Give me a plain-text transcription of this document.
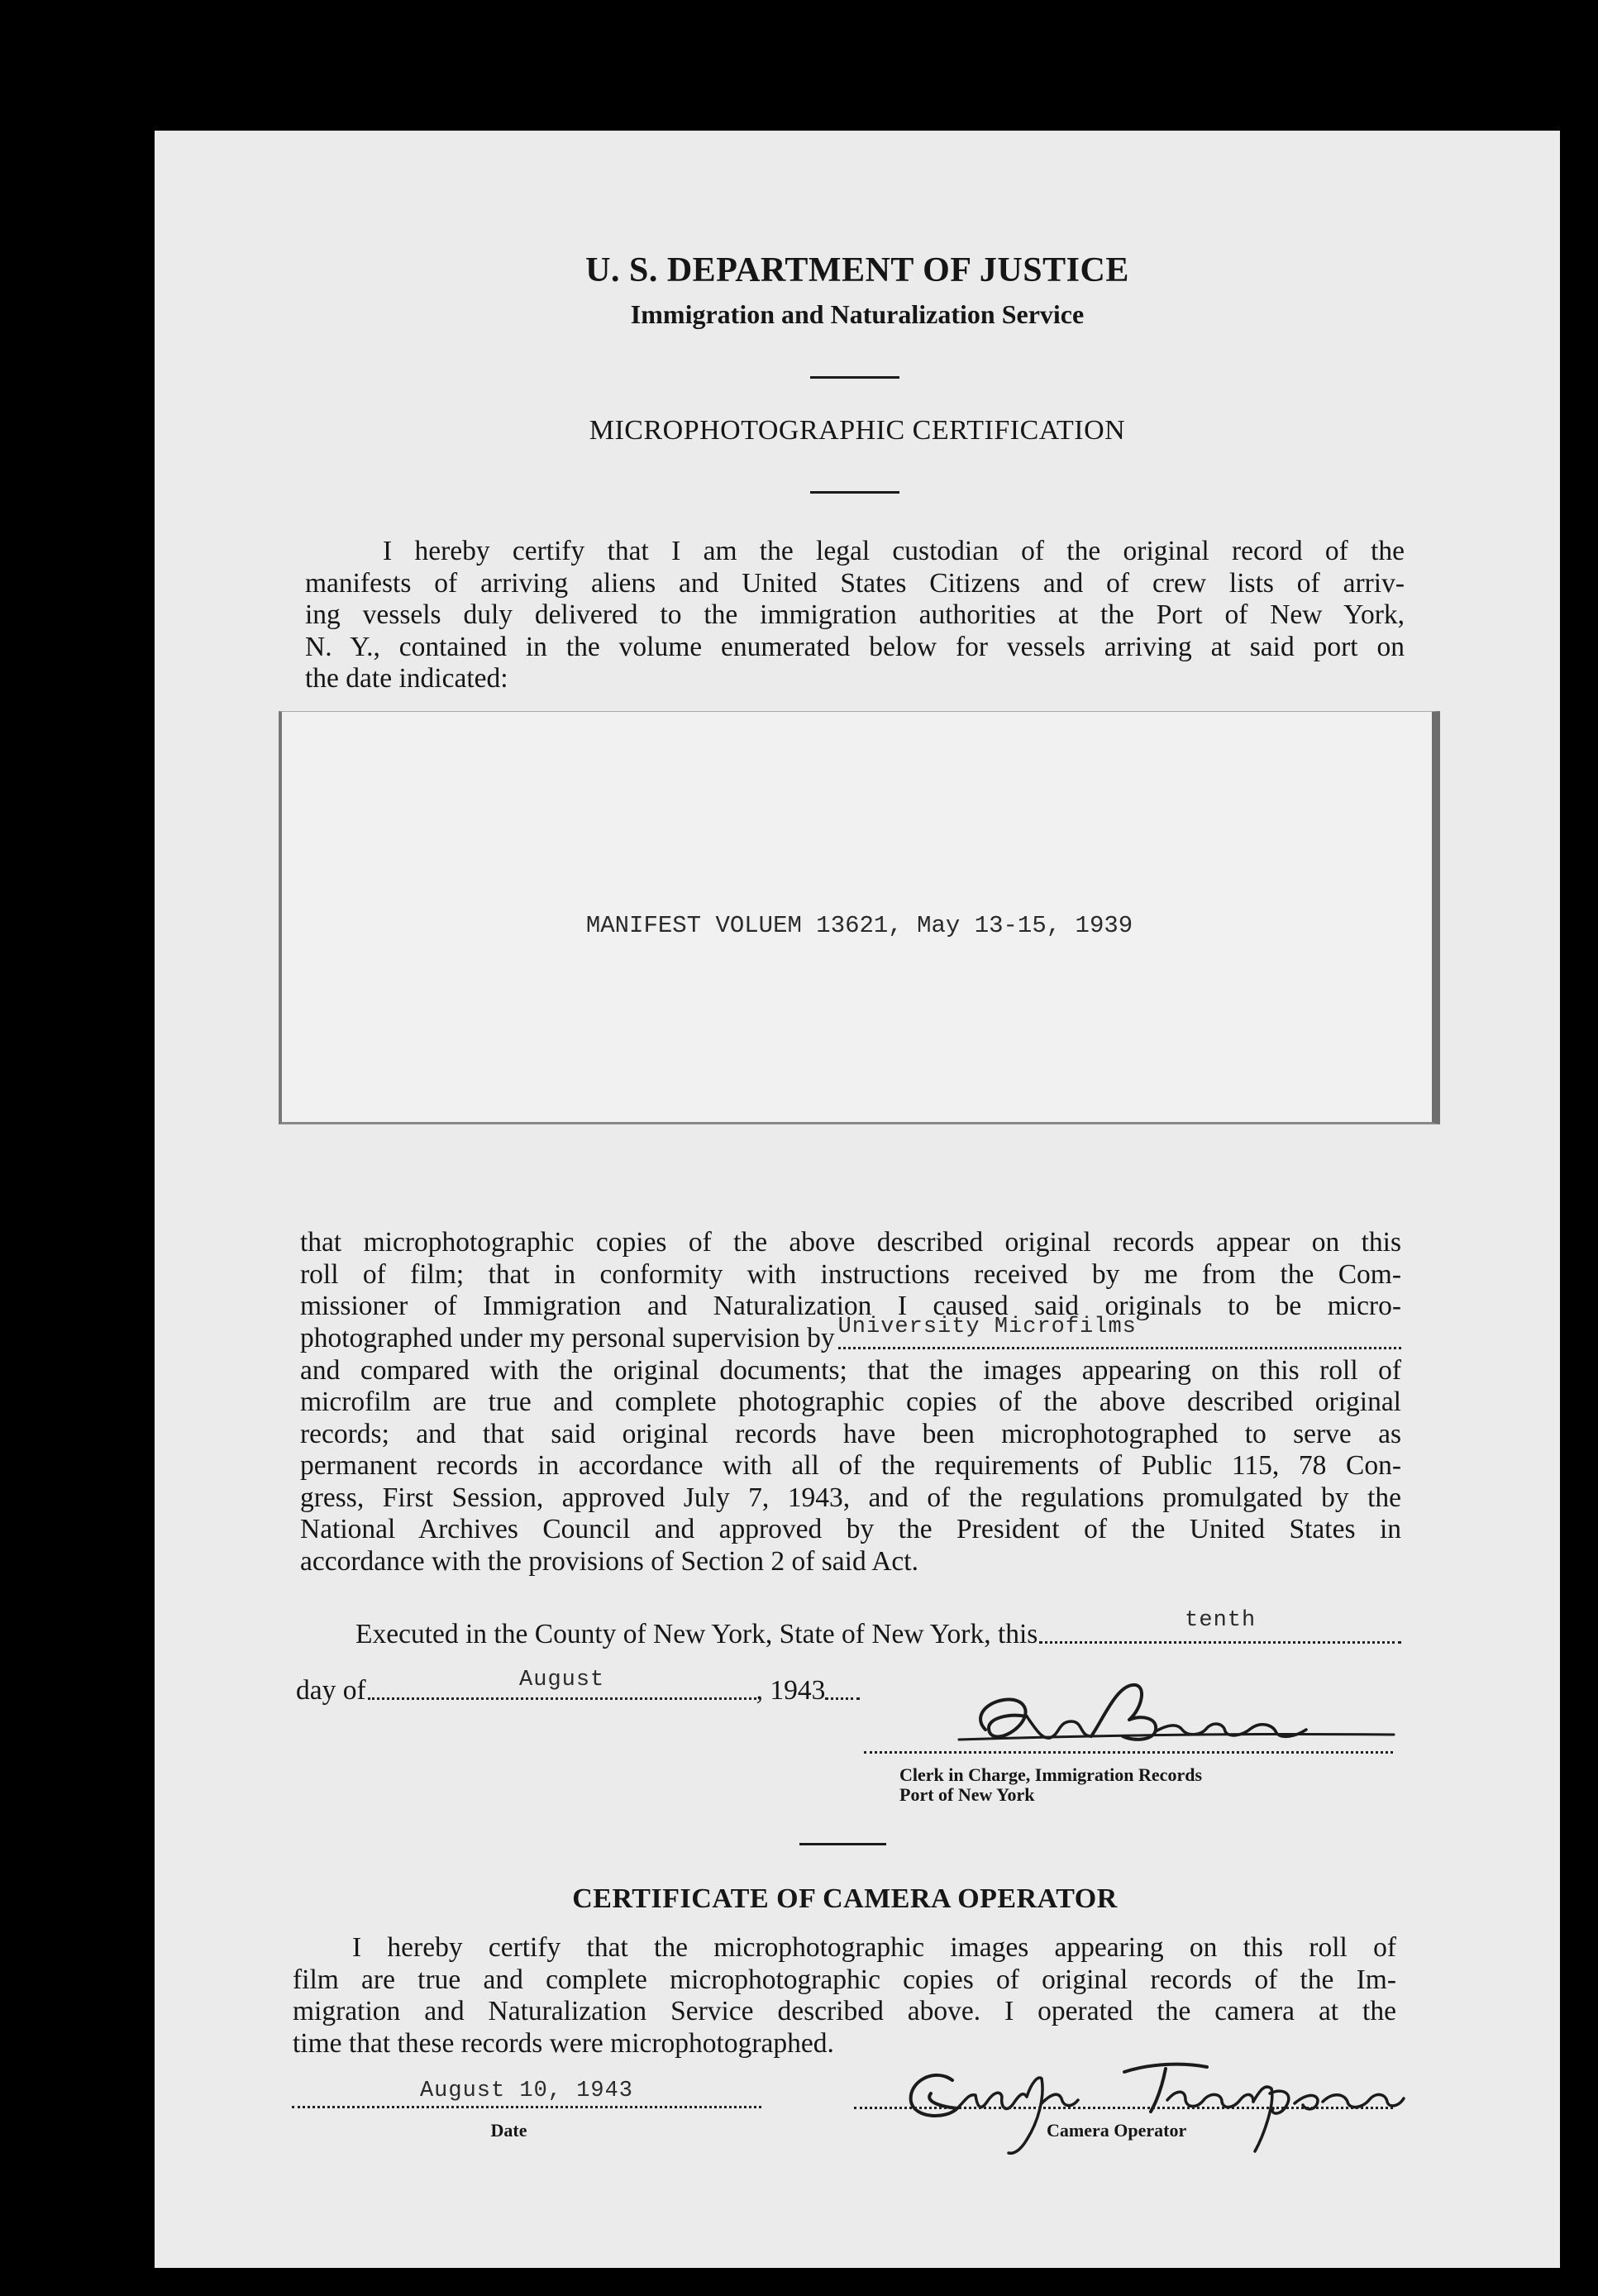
U. S. DEPARTMENT OF JUSTICE
Immigration and Naturalization Service
MICROPHOTOGRAPHIC CERTIFICATION
I hereby certify that I am the legal custodian of the original record of the
manifests of arriving aliens and United States Citizens and of crew lists of arriv-
ing vessels duly delivered to the immigration authorities at the Port of New York,
N. Y., contained in the volume enumerated below for vessels arriving at said port on
the date indicated:
MANIFEST VOLUEM 13621, May 13-15, 1939
that microphotographic copies of the above described original records appear on this
roll of film; that in conformity with instructions received by me from the Com-
missioner of Immigration and Naturalization I caused said originals to be micro-
photographed under my personal supervision by University Microfilms
and compared with the original documents; that the images appearing on this roll of
microfilm are true and complete photographic copies of the above described original
records; and that said original records have been microphotographed to serve as
permanent records in accordance with all of the requirements of Public 115, 78 Con-
gress, First Session, approved July 7, 1943, and of the regulations promulgated by the
National Archives Council and approved by the President of the United States in
accordance with the provisions of Section 2 of said Act.
Executed in the County of New York, State of New York, this	tenth
day of	August	, 1943
Clerk in Charge, Immigration Records
Port of New York
CERTIFICATE OF CAMERA OPERATOR
I hereby certify that the microphotographic images appearing on this roll of
film are true and complete microphotographic copies of original records of the Im-
migration and Naturalization Service described above. I operated the camera at the
time that these records were microphotographed.
August 10, 1943
Date	Camera Operator
